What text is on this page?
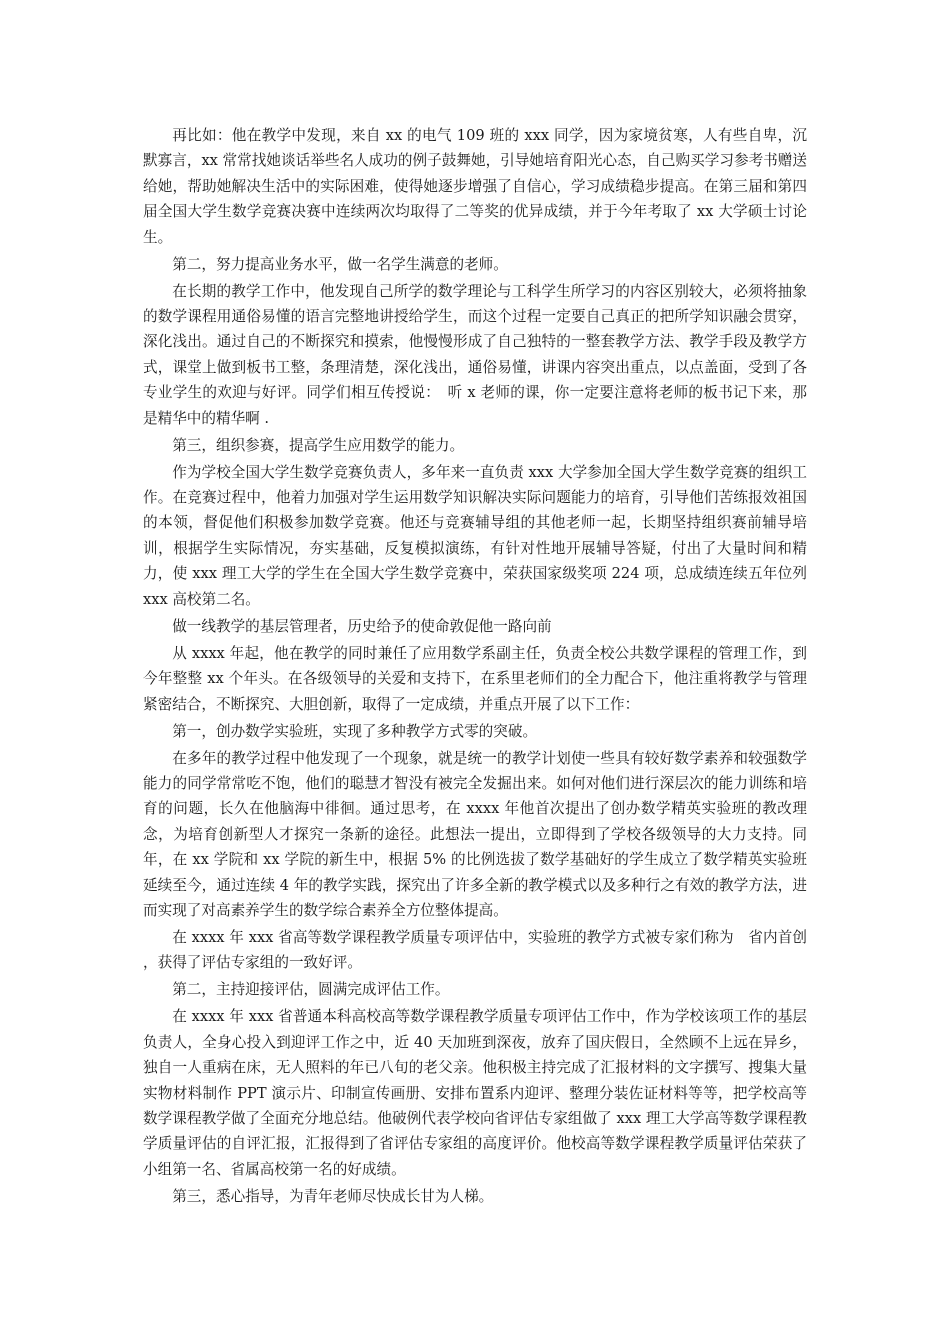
再比如：他在教学中发现，来自 xx 的电气 109 班的 xxx 同学，因为家境贫寒，人有些自卑，沉默寡言，xx 常常找她谈话举些名人成功的例子鼓舞她，引导她培育阳光心态，自己购买学习参考书赠送给她，帮助她解决生活中的实际困难，使得她逐步增强了自信心，学习成绩稳步提高。在第三届和第四届全国大学生数学竞赛决赛中连续两次均取得了二等奖的优异成绩，并于今年考取了 xx 大学硕士讨论生。

第二，努力提高业务水平，做一名学生满意的老师。

在长期的教学工作中，他发现自己所学的数学理论与工科学生所学习的内容区别较大，必须将抽象的数学课程用通俗易懂的语言完整地讲授给学生，而这个过程一定要自己真正的把所学知识融会贯穿，深化浅出。通过自己的不断探究和摸索，他慢慢形成了自己独特的一整套教学方法、教学手段及教学方式，课堂上做到板书工整，条理清楚，深化浅出，通俗易懂，讲课内容突出重点，以点盖面，受到了各专业学生的欢迎与好评。同学们相互传授说：　听 x 老师的课，你一定要注意将老师的板书记下来，那是精华中的精华啊 .

第三，组织参赛，提高学生应用数学的能力。

作为学校全国大学生数学竞赛负责人，多年来一直负责 xxx 大学参加全国大学生数学竞赛的组织工作。在竞赛过程中，他着力加强对学生运用数学知识解决实际问题能力的培育，引导他们苦练报效祖国的本领，督促他们积极参加数学竞赛。他还与竞赛辅导组的其他老师一起，长期坚持组织赛前辅导培训，根据学生实际情况，夯实基础，反复模拟演练，有针对性地开展辅导答疑，付出了大量时间和精力，使 xxx 理工大学的学生在全国大学生数学竞赛中，荣获国家级奖项 224 项，总成绩连续五年位列 xxx 高校第二名。

做一线教学的基层管理者，历史给予的使命敦促他一路向前

从 xxxx 年起，他在教学的同时兼任了应用数学系副主任，负责全校公共数学课程的管理工作，到今年整整 xx 个年头。在各级领导的关爱和支持下，在系里老师们的全力配合下，他注重将教学与管理紧密结合，不断探究、大胆创新，取得了一定成绩，并重点开展了以下工作：

第一，创办数学实验班，实现了多种教学方式零的突破。

在多年的教学过程中他发现了一个现象，就是统一的教学计划使一些具有较好数学素养和较强数学能力的同学常常吃不饱，他们的聪慧才智没有被完全发掘出来。如何对他们进行深层次的能力训练和培育的问题，长久在他脑海中徘徊。通过思考，在 xxxx 年他首次提出了创办数学精英实验班的教改理念，为培育创新型人才探究一条新的途径。此想法一提出，立即得到了学校各级领导的大力支持。同年，在 xx 学院和 xx 学院的新生中，根据 5% 的比例选拔了数学基础好的学生成立了数学精英实验班延续至今，通过连续 4 年的教学实践，探究出了许多全新的教学模式以及多种行之有效的教学方法，进而实现了对高素养学生的数学综合素养全方位整体提高。

在 xxxx 年 xxx 省高等数学课程教学质量专项评估中，实验班的教学方式被专家们称为　省内首创 ，获得了评估专家组的一致好评。

第二，主持迎接评估，圆满完成评估工作。

在 xxxx 年 xxx 省普通本科高校高等数学课程教学质量专项评估工作中，作为学校该项工作的基层负责人，全身心投入到迎评工作之中，近 40 天加班到深夜，放弃了国庆假日，全然顾不上远在异乡，独自一人重病在床，无人照料的年已八旬的老父亲。他积极主持完成了汇报材料的文字撰写、搜集大量实物材料制作 PPT 演示片、印制宣传画册、安排布置系内迎评、整理分装佐证材料等等，把学校高等数学课程教学做了全面充分地总结。他破例代表学校向省评估专家组做了 xxx 理工大学高等数学课程教学质量评估的自评汇报，汇报得到了省评估专家组的高度评价。他校高等数学课程教学质量评估荣获了小组第一名、省属高校第一名的好成绩。

第三，悉心指导，为青年老师尽快成长甘为人梯。
